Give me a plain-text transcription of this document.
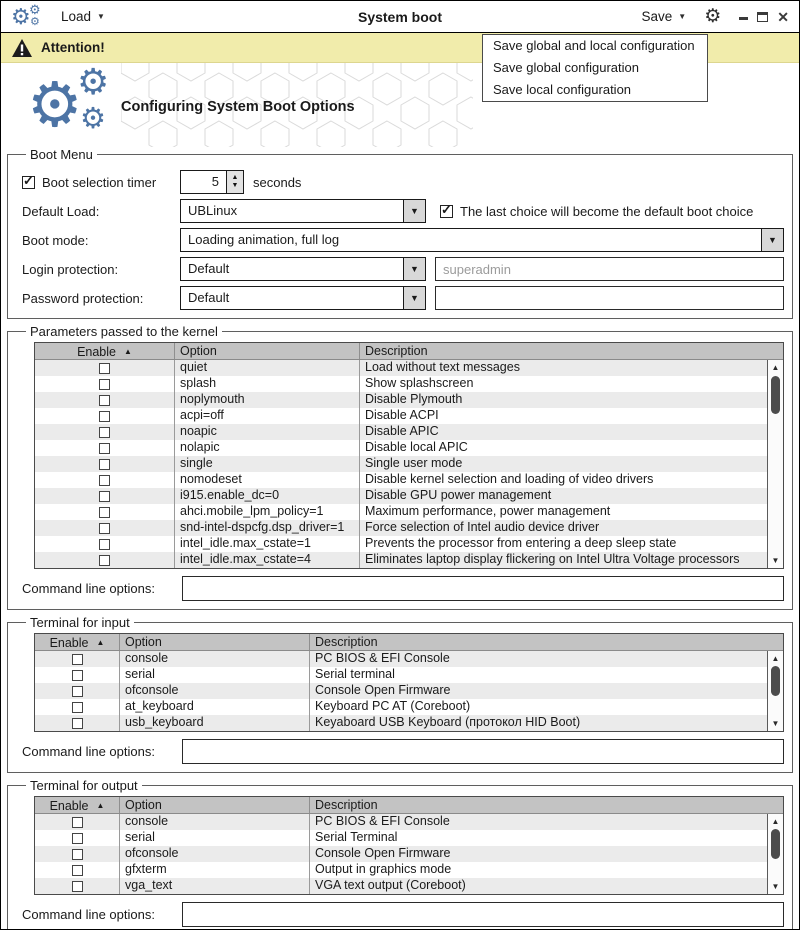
⚙
⚙
⚙ Load ▼	System boot	Save ▼ ⚙	✕
Attention!	Save global and local configuration
Save global configuration
Save local configuration
⚙
⚙
⚙ Configuring System Boot Options
Boot Menu
✓
Boot selection timer	5	▲
▼ seconds
Default Load:	UBLinux	▼ ✓	The last choice will become the default boot choice
Boot mode:	Loading animation, full log	▼
Login protection:	Default	▼
superadmin
Password protection:	Default	▼
Parameters passed to the kernel
Enable ▲	Option	Description
quiet	Load without text messages
splash	Show splashscreen
noplymouth	Disable Plymouth
acpi=off	Disable ACPI
noapic	Disable APIC
nolapic	Disable local APIC
single	Single user mode
nomodeset	Disable kernel selection and loading of video drivers
i915.enable_dc=0	Disable GPU power management
ahci.mobile_lpm_policy=1	Maximum performance, power management
snd-intel-dspcfg.dsp_driver=1	Force selection of Intel audio device driver
intel_idle.max_cstate=1	Prevents the processor from entering a deep sleep state
intel_idle.max_cstate=4	Eliminates laptop display flickering on Intel Ultra Voltage processors
▲
▼
Command line options:
Terminal for input
Enable ▲	Option	Description
console	PC BIOS & EFI Console
serial	Serial terminal
ofconsole	Console Open Firmware
at_keyboard	Keyboard PC AT (Coreboot)
usb_keyboard	Keyaboard USB Keyboard (протокол HID Boot)
▲
▼
Command line options:
Terminal for output
Enable ▲	Option	Description
console	PC BIOS & EFI Console
serial	Serial Terminal
ofconsole	Console Open Firmware
gfxterm	Output in graphics mode
vga_text	VGA text output (Coreboot)
▲
▼
Command line options:
